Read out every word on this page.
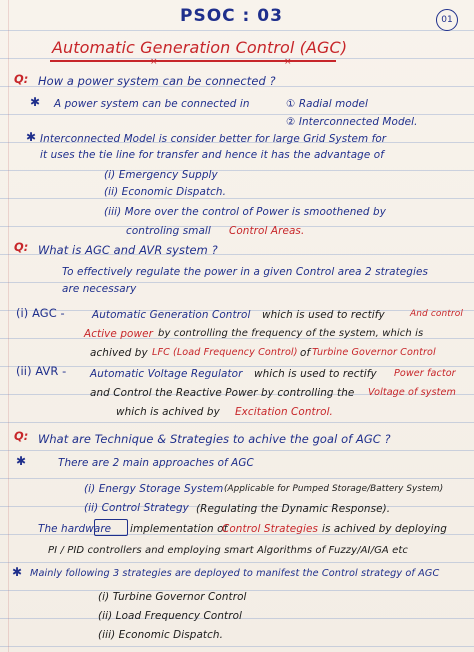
PSOC : 03	01
Automatic Generation Control (AGC)
×	×
Q: How a power system can be connected ?
✱ A power system can be connected in	① Radial model
② Interconnected Model.
✱ Interconnected Model is consider better for large Grid System for
it uses the tie line for transfer and hence it has the advantage of
(i) Emergency Supply
(ii) Economic Dispatch.
(iii) More over the control of Power is smoothened by
controling small Control Areas.
Q: What is AGC and AVR system ?
To effectively regulate the power in a given Control area 2 strategies
are necessary
(i) AGC -	Automatic Generation Control which is used to rectify	And control
Active power by controlling the frequency of the system, which is
achived by LFC (Load Frequency Control) of Turbine Governor Control
(ii) AVR - Automatic Voltage Regulator which is used to rectify Power factor
and Control the Reactive Power by controlling the Voltage of system
which is achived by Excitation Control.
Q: What are Technique & Strategies to achive the goal of AGC ?
✱	There are 2 main approaches of AGC
(i) Energy Storage System (Applicable for Pumped Storage/Battery System)
(ii) Control Strategy (Regulating the Dynamic Response).
The hardware implementation of
Control Strategies is achived by deploying
PI / PID controllers and employing smart Algorithms of Fuzzy/AI/GA etc
✱ Mainly following 3 strategies are deployed to manifest the Control strategy of AGC
(i) Turbine Governor Control
(ii) Load Frequency Control
(iii) Economic Dispatch.
